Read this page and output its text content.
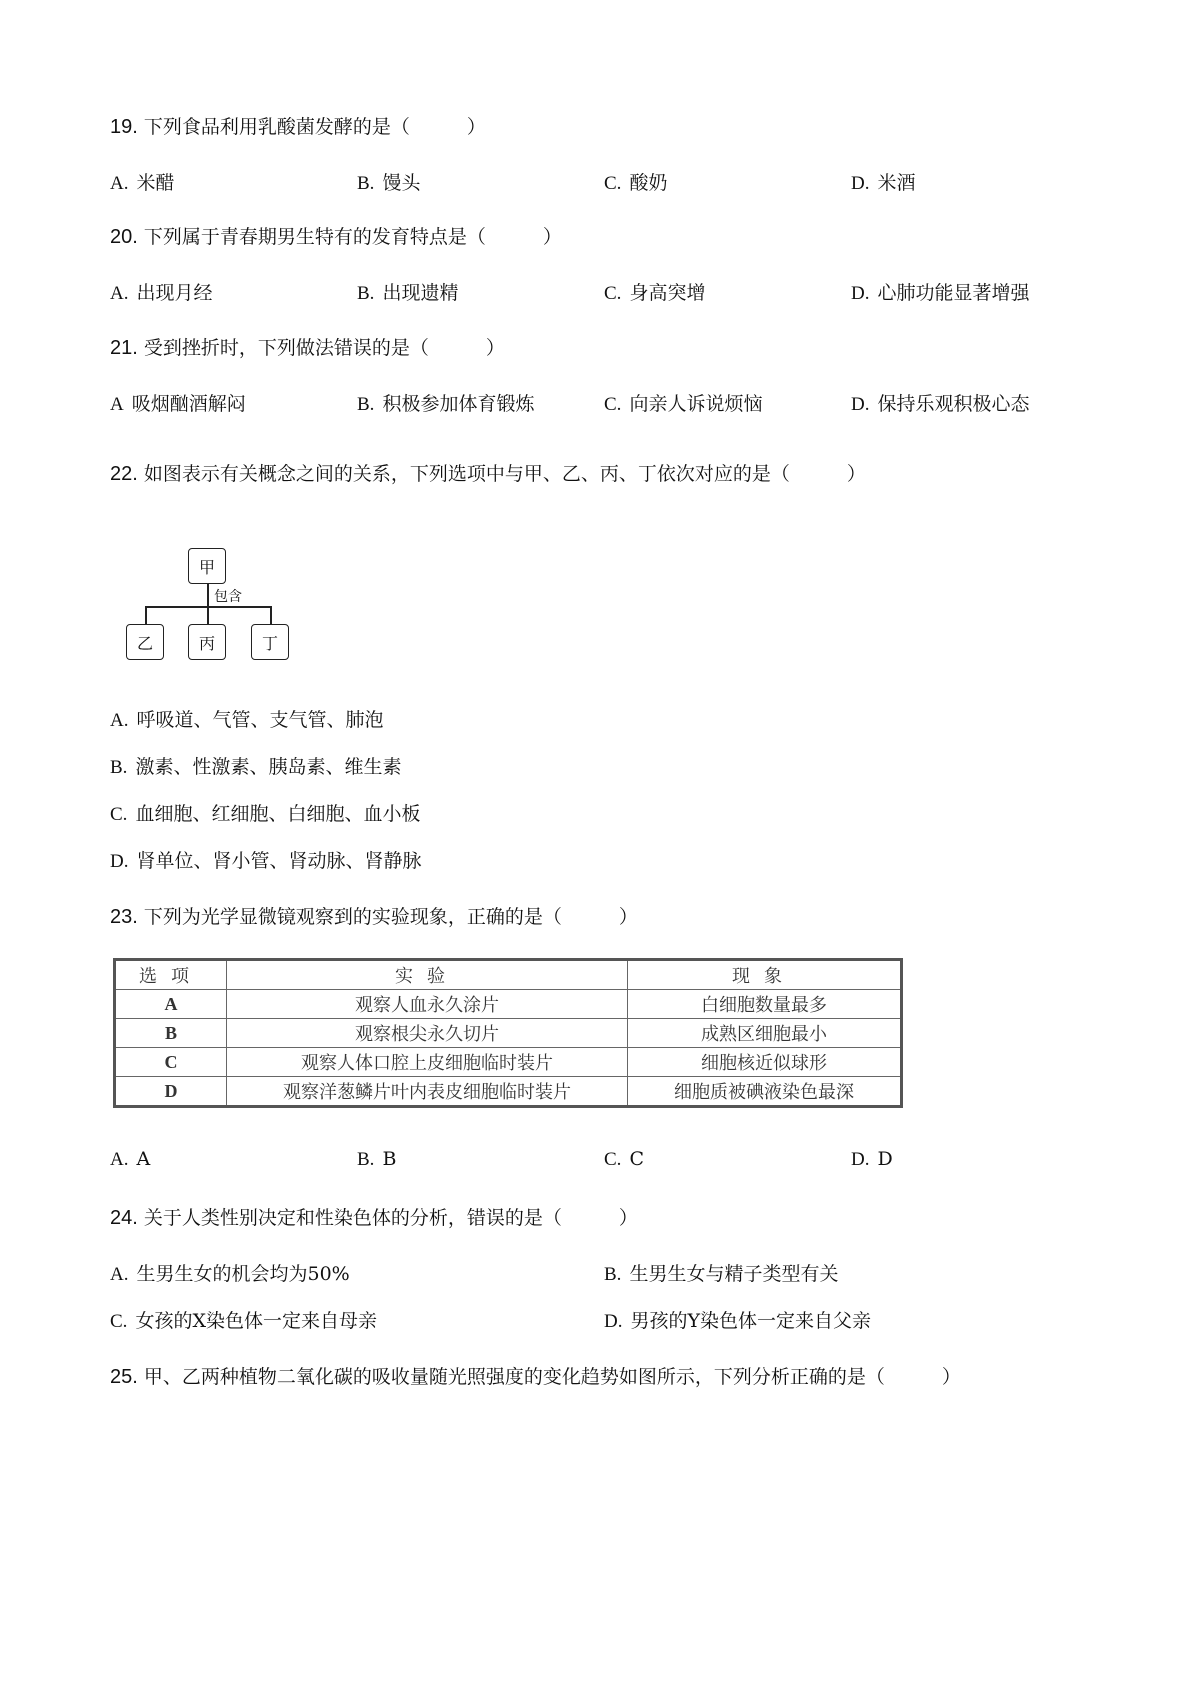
19. 下列食品利用乳酸菌发酵的是（　　　）
A. 米醋	B. 馒头	C. 酸奶	D. 米酒
20. 下列属于青春期男生特有的发育特点是（　　　）
A. 出现月经	B. 出现遗精	C. 身高突增	D. 心肺功能显著增强
21. 受到挫折时，下列做法错误的是（　　　）
A 吸烟酗酒解闷	B. 积极参加体育锻炼	C. 向亲人诉说烦恼	D. 保持乐观积极心态
22. 如图表示有关概念之间的关系，下列选项中与甲、乙、丙、丁依次对应的是（　　　）
甲
包含
乙	丙	丁
A. 呼吸道、气管、支气管、肺泡
B. 激素、性激素、胰岛素、维生素
C. 血细胞、红细胞、白细胞、血小板
D. 肾单位、肾小管、肾动脉、肾静脉
23. 下列为光学显微镜观察到的实验现象，正确的是（　　　）
选项	实验	现象
A	观察人血永久涂片	白细胞数量最多
B	观察根尖永久切片	成熟区细胞最小
C	观察人体口腔上皮细胞临时装片	细胞核近似球形
D	观察洋葱鳞片叶内表皮细胞临时装片	细胞质被碘液染色最深
A. A	B. B	C. C	D. D
24. 关于人类性别决定和性染色体的分析，错误的是（　　　）
A. 生男生女的机会均为50%	B. 生男生女与精子类型有关
C. 女孩的X染色体一定来自母亲	D. 男孩的Y染色体一定来自父亲
25. 甲、乙两种植物二氧化碳的吸收量随光照强度的变化趋势如图所示，下列分析正确的是（　　　）
